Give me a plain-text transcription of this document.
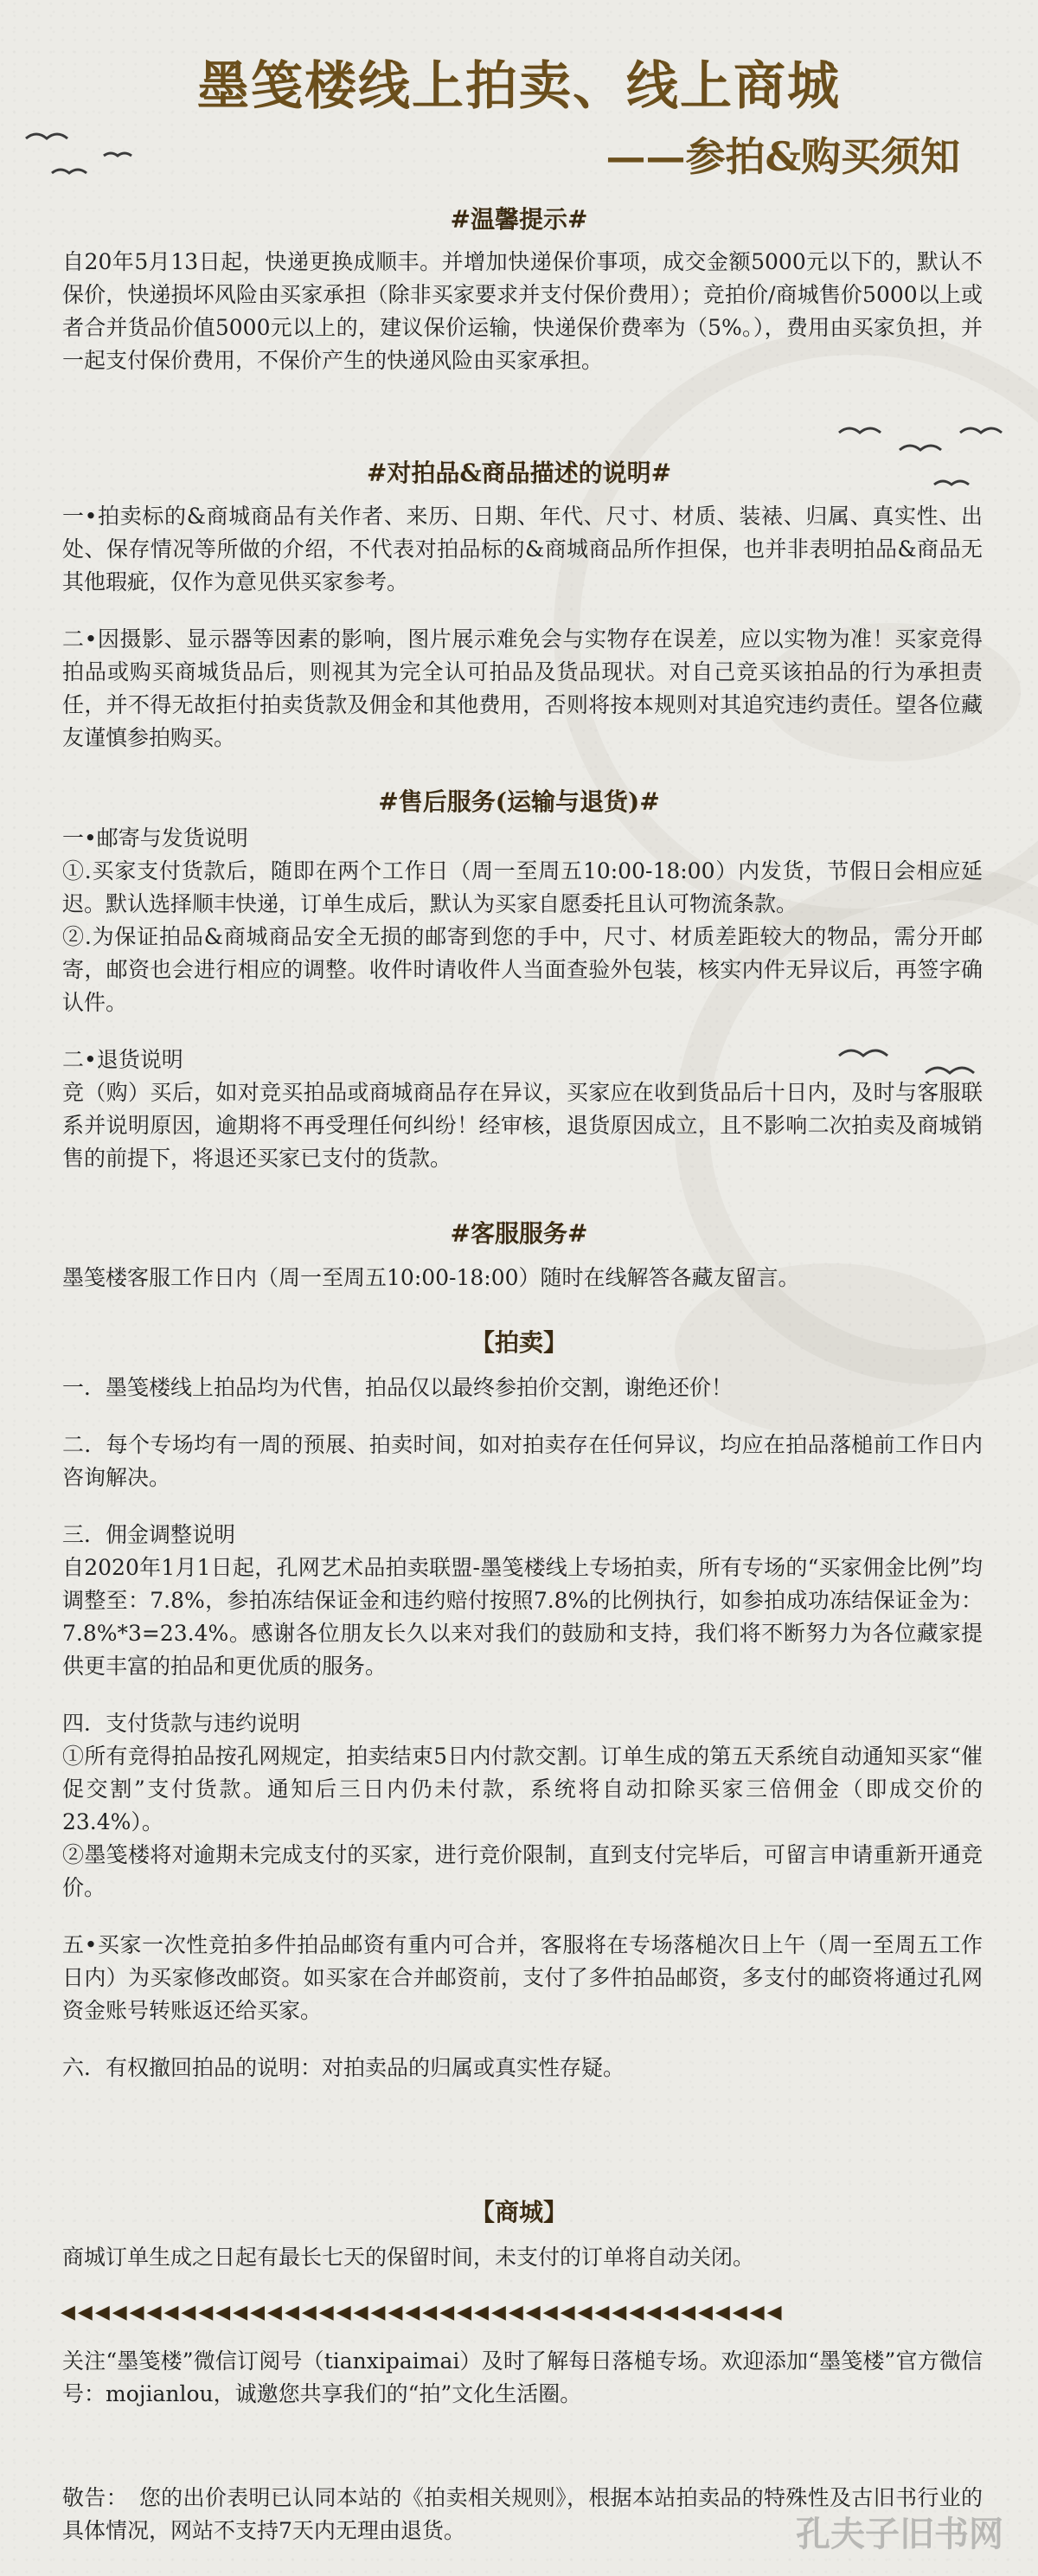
墨笺楼线上拍卖、线上商城
——参拍&购买须知
#温馨提示#

自20年5月13日起，快递更换成顺丰。并增加快递保价事项，成交金额5000元以下的，默认不保价，快递损坏风险由买家承担（除非买家要求并支付保价费用）；竞拍价/商城售价5000以上或者合并货品价值5000元以上的，建议保价运输，快递保价费率为（5%。），费用由买家负担，并一起支付保价费用，不保价产生的快递风险由买家承担。

#对拍品&商品描述的说明#

一•拍卖标的&商城商品有关作者、来历、日期、年代、尺寸、材质、装裱、归属、真实性、出处、保存情况等所做的介绍，不代表对拍品标的&商城商品所作担保，也并非表明拍品&商品无其他瑕疵，仅作为意见供买家参考。

二•因摄影、显示器等因素的影响，图片展示难免会与实物存在误差，应以实物为准！买家竞得拍品或购买商城货品后，则视其为完全认可拍品及货品现状。对自己竞买该拍品的行为承担责任，并不得无故拒付拍卖货款及佣金和其他费用，否则将按本规则对其追究违约责任。望各位藏友谨慎参拍购买。

#售后服务(运输与退货)#

一•邮寄与发货说明

①.买家支付货款后，随即在两个工作日（周一至周五10:00-18:00）内发货，节假日会相应延迟。默认选择顺丰快递，订单生成后，默认为买家自愿委托且认可物流条款。

②.为保证拍品&商城商品安全无损的邮寄到您的手中，尺寸、材质差距较大的物品，需分开邮寄，邮资也会进行相应的调整。收件时请收件人当面查验外包装，核实内件无异议后，再签字确认件。

二•退货说明

竞（购）买后，如对竞买拍品或商城商品存在异议，买家应在收到货品后十日内，及时与客服联系并说明原因，逾期将不再受理任何纠纷！经审核，退货原因成立，且不影响二次拍卖及商城销售的前提下，将退还买家已支付的货款。

#客服服务#

墨笺楼客服工作日内（周一至周五10:00-18:00）随时在线解答各藏友留言。

【拍卖】

一．墨笺楼线上拍品均为代售，拍品仅以最终参拍价交割，谢绝还价！

二．每个专场均有一周的预展、拍卖时间，如对拍卖存在任何异议，均应在拍品落槌前工作日内咨询解决。

三．佣金调整说明

自2020年1月1日起，孔网艺术品拍卖联盟-墨笺楼线上专场拍卖，所有专场的“买家佣金比例”均调整至：7.8%，参拍冻结保证金和违约赔付按照7.8%的比例执行，如参拍成功冻结保证金为：7.8%*3=23.4%。感谢各位朋友长久以来对我们的鼓励和支持，我们将不断努力为各位藏家提供更丰富的拍品和更优质的服务。

四．支付货款与违约说明

①所有竞得拍品按孔网规定，拍卖结束5日内付款交割。订单生成的第五天系统自动通知买家“催促交割”支付货款。通知后三日内仍未付款，系统将自动扣除买家三倍佣金（即成交价的23.4%）。

②墨笺楼将对逾期未完成支付的买家，进行竞价限制，直到支付完毕后，可留言申请重新开通竞价。

五•买家一次性竞拍多件拍品邮资有重内可合并，客服将在专场落槌次日上午（周一至周五工作日内）为买家修改邮资。如买家在合并邮资前，支付了多件拍品邮资，多支付的邮资将通过孔网资金账号转账返还给买家。

六．有权撤回拍品的说明：对拍卖品的归属或真实性存疑。

【商城】

商城订单生成之日起有最长七天的保留时间，未支付的订单将自动关闭。

◀◀◀◀◀◀◀◀◀◀◀◀◀◀◀◀◀◀◀◀◀◀◀◀◀◀◀◀◀◀◀◀◀◀◀◀◀◀◀◀◀◀

关注“墨笺楼”微信订阅号（tianxipaimai）及时了解每日落槌专场。欢迎添加“墨笺楼”官方微信号：mojianlou，诚邀您共享我们的“拍”文化生活圈。

敬告：　您的出价表明已认同本站的《拍卖相关规则》，根据本站拍卖品的特殊性及古旧书行业的具体情况，网站不支持7天内无理由退货。	孔夫子旧书网
